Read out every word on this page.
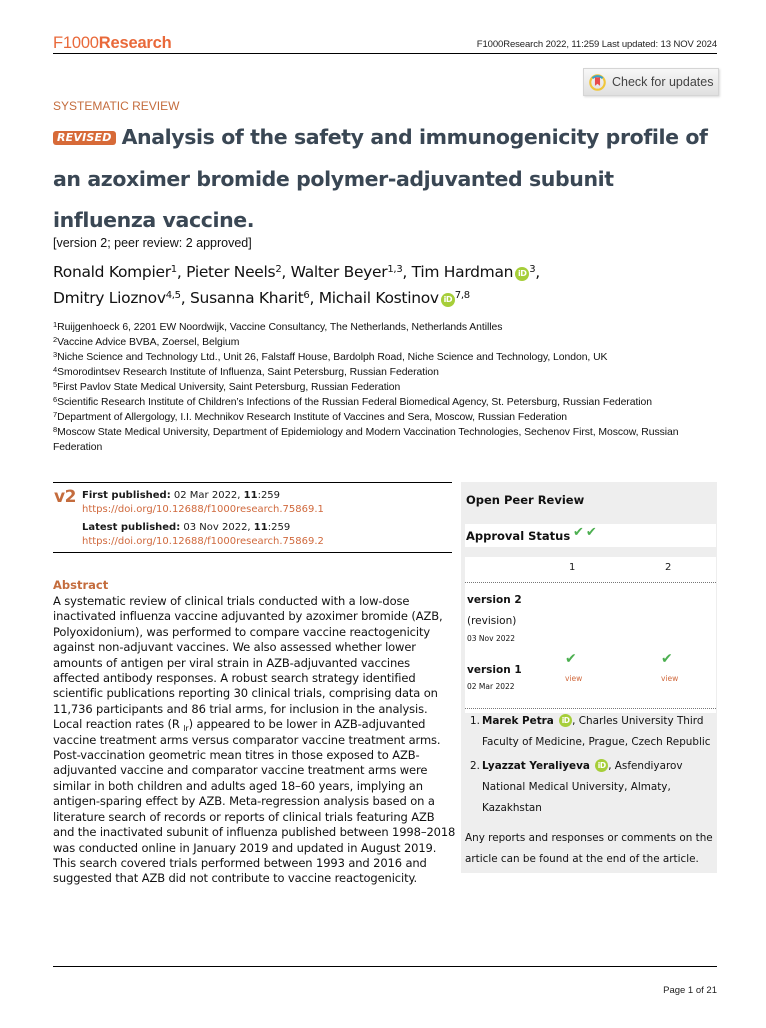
F1000Research	F1000Research 2022, 11:259 Last updated: 13 NOV 2024
Check for updates
SYSTEMATIC REVIEW
REVISED Analysis of the safety and immunogenicity profile of an azoximer bromide polymer-adjuvanted subunit influenza vaccine.
[version 2; peer review: 2 approved]
Ronald Kompier$^1$, Pieter Neels$^2$, Walter Beyer$^{1,3}$, Tim Hardman iD $^3$,
Dmitry Lioznov$^{4,5}$, Susanna Kharit$^6$, Michail Kostinov iD $^{7,8}$
$^1$Ruijgenhoeck 6, 2201 EW Noordwijk, Vaccine Consultancy, The Netherlands, Netherlands Antilles
$^2$Vaccine Advice BVBA, Zoersel, Belgium
$^3$Niche Science and Technology Ltd., Unit 26, Falstaff House, Bardolph Road, Niche Science and Technology, London, UK
$^4$Smorodintsev Research Institute of Influenza, Saint Petersburg, Russian Federation
$^5$First Pavlov State Medical University, Saint Petersburg, Russian Federation
$^6$Scientific Research Institute of Children’s Infections of the Russian Federal Biomedical Agency, St. Petersburg, Russian Federation
$^7$Department of Allergology, I.I. Mechnikov Research Institute of Vaccines and Sera, Moscow, Russian Federation
$^8$Moscow State Medical University, Department of Epidemiology and Modern Vaccination Technologies, Sechenov First, Moscow, Russian Federation
v2 First published: 02 Mar 2022, 11:259
https://doi.org/10.12688/f1000research.75869.1
Latest published: 03 Nov 2022, 11:259
https://doi.org/10.12688/f1000research.75869.2
Abstract

A systematic review of clinical trials conducted with a low-dose inactivated influenza vaccine adjuvanted by azoximer bromide (AZB, Polyoxidonium), was performed to compare vaccine reactogenicity against non-adjuvant vaccines. We also assessed whether lower amounts of antigen per viral strain in AZB-adjuvanted vaccines affected antibody responses. A robust search strategy identified scientific publications reporting 30 clinical trials, comprising data on 11,736 participants and 86 trial arms, for inclusion in the analysis. Local reaction rates (R $_{lr}$) appeared to be lower in AZB-adjuvanted vaccine treatment arms versus comparator vaccine treatment arms. Post-vaccination geometric mean titres in those exposed to AZB-adjuvanted vaccine and comparator vaccine treatment arms were similar in both children and adults aged 18–60 years, implying an antigen-sparing effect by AZB. Meta-regression analysis based on a literature search of records or reports of clinical trials featuring AZB and the inactivated subunit of influenza published between 1998–2018 was conducted online in January 2019 and updated in August 2019. This search covered trials performed between 1993 and 2016 and suggested that AZB did not contribute to vaccine reactogenicity.

Open Peer Review
Approval Status ✔✔
1	2
version 2
(revision)
03 Nov 2022
version 1
02 Mar 2022
✔
view
✔
view
1. Marek Petra iD , Charles University Third Faculty of Medicine, Prague, Czech Republic
2. Lyazzat Yeraliyeva iD , Asfendiyarov National Medical University, Almaty, Kazakhstan
Any reports and responses or comments on the article can be found at the end of the article.
Page 1 of 21
